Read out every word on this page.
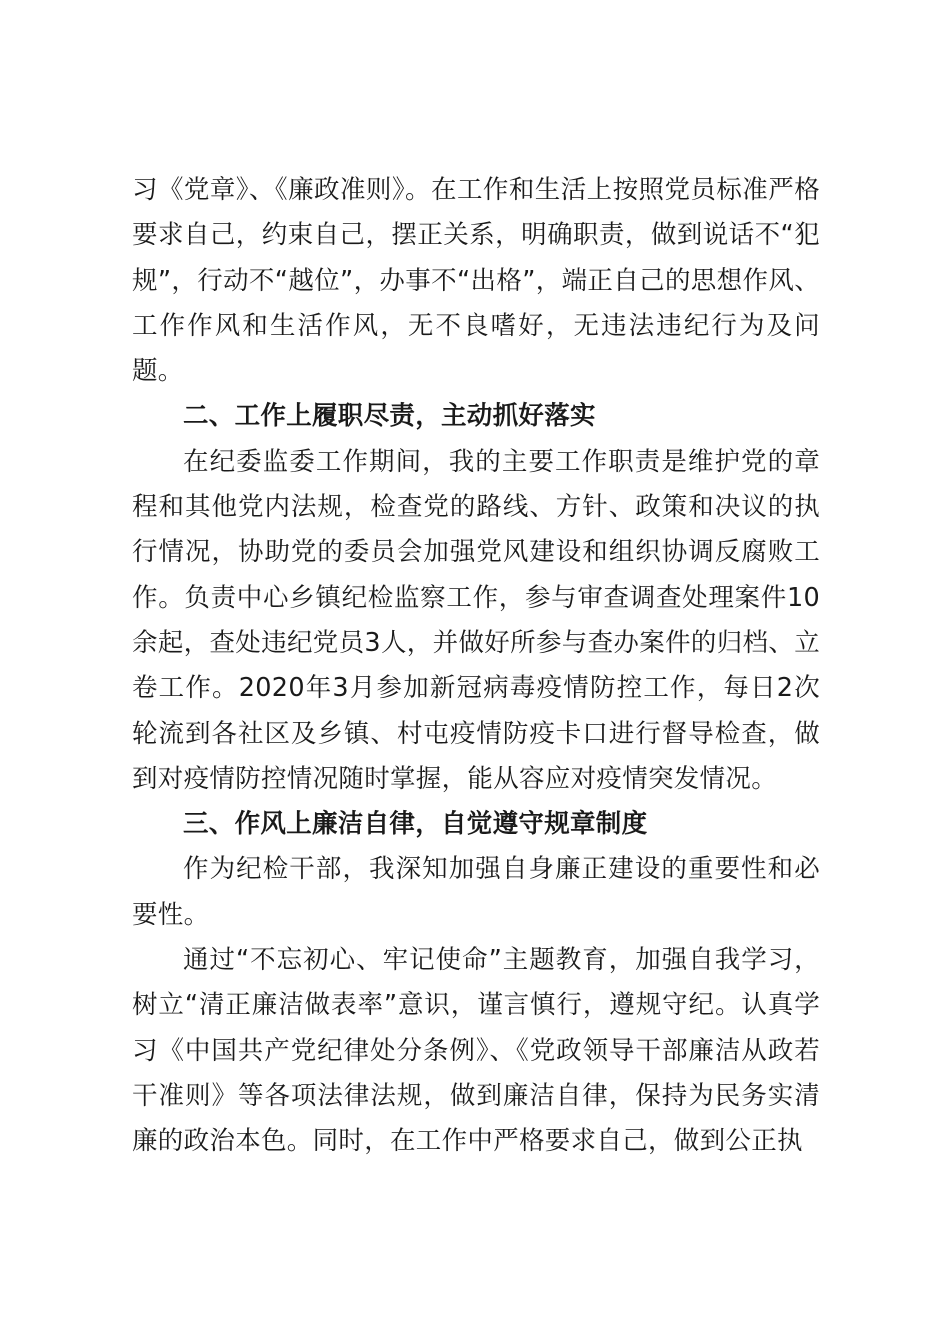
习《党章》、《廉政准则》。在工作和生活上按照党员标准严格要求自己，约束自己，摆正关系，明确职责，做到说话不“犯规”，行动不“越位”，办事不“出格”，端正自己的思想作风、工作作风和生活作风，无不良嗜好，无违法违纪行为及问题。

二、工作上履职尽责，主动抓好落实

在纪委监委工作期间，我的主要工作职责是维护党的章程和其他党内法规，检查党的路线、方针、政策和决议的执行情况，协助党的委员会加强党风建设和组织协调反腐败工作。负责中心乡镇纪检监察工作，参与审查调查处理案件10余起，查处违纪党员3人，并做好所参与查办案件的归档、立卷工作。2020年3月参加新冠病毒疫情防控工作，每日2次轮流到各社区及乡镇、村屯疫情防疫卡口进行督导检查，做到对疫情防控情况随时掌握，能从容应对疫情突发情况。

三、作风上廉洁自律，自觉遵守规章制度

作为纪检干部，我深知加强自身廉正建设的重要性和必要性。

通过“不忘初心、牢记使命”主题教育，加强自我学习，树立“清正廉洁做表率”意识，谨言慎行，遵规守纪。认真学习《中国共产党纪律处分条例》、《党政领导干部廉洁从政若干准则》等各项法律法规，做到廉洁自律，保持为民务实清廉的政治本色。同时，在工作中严格要求自己，做到公正执
